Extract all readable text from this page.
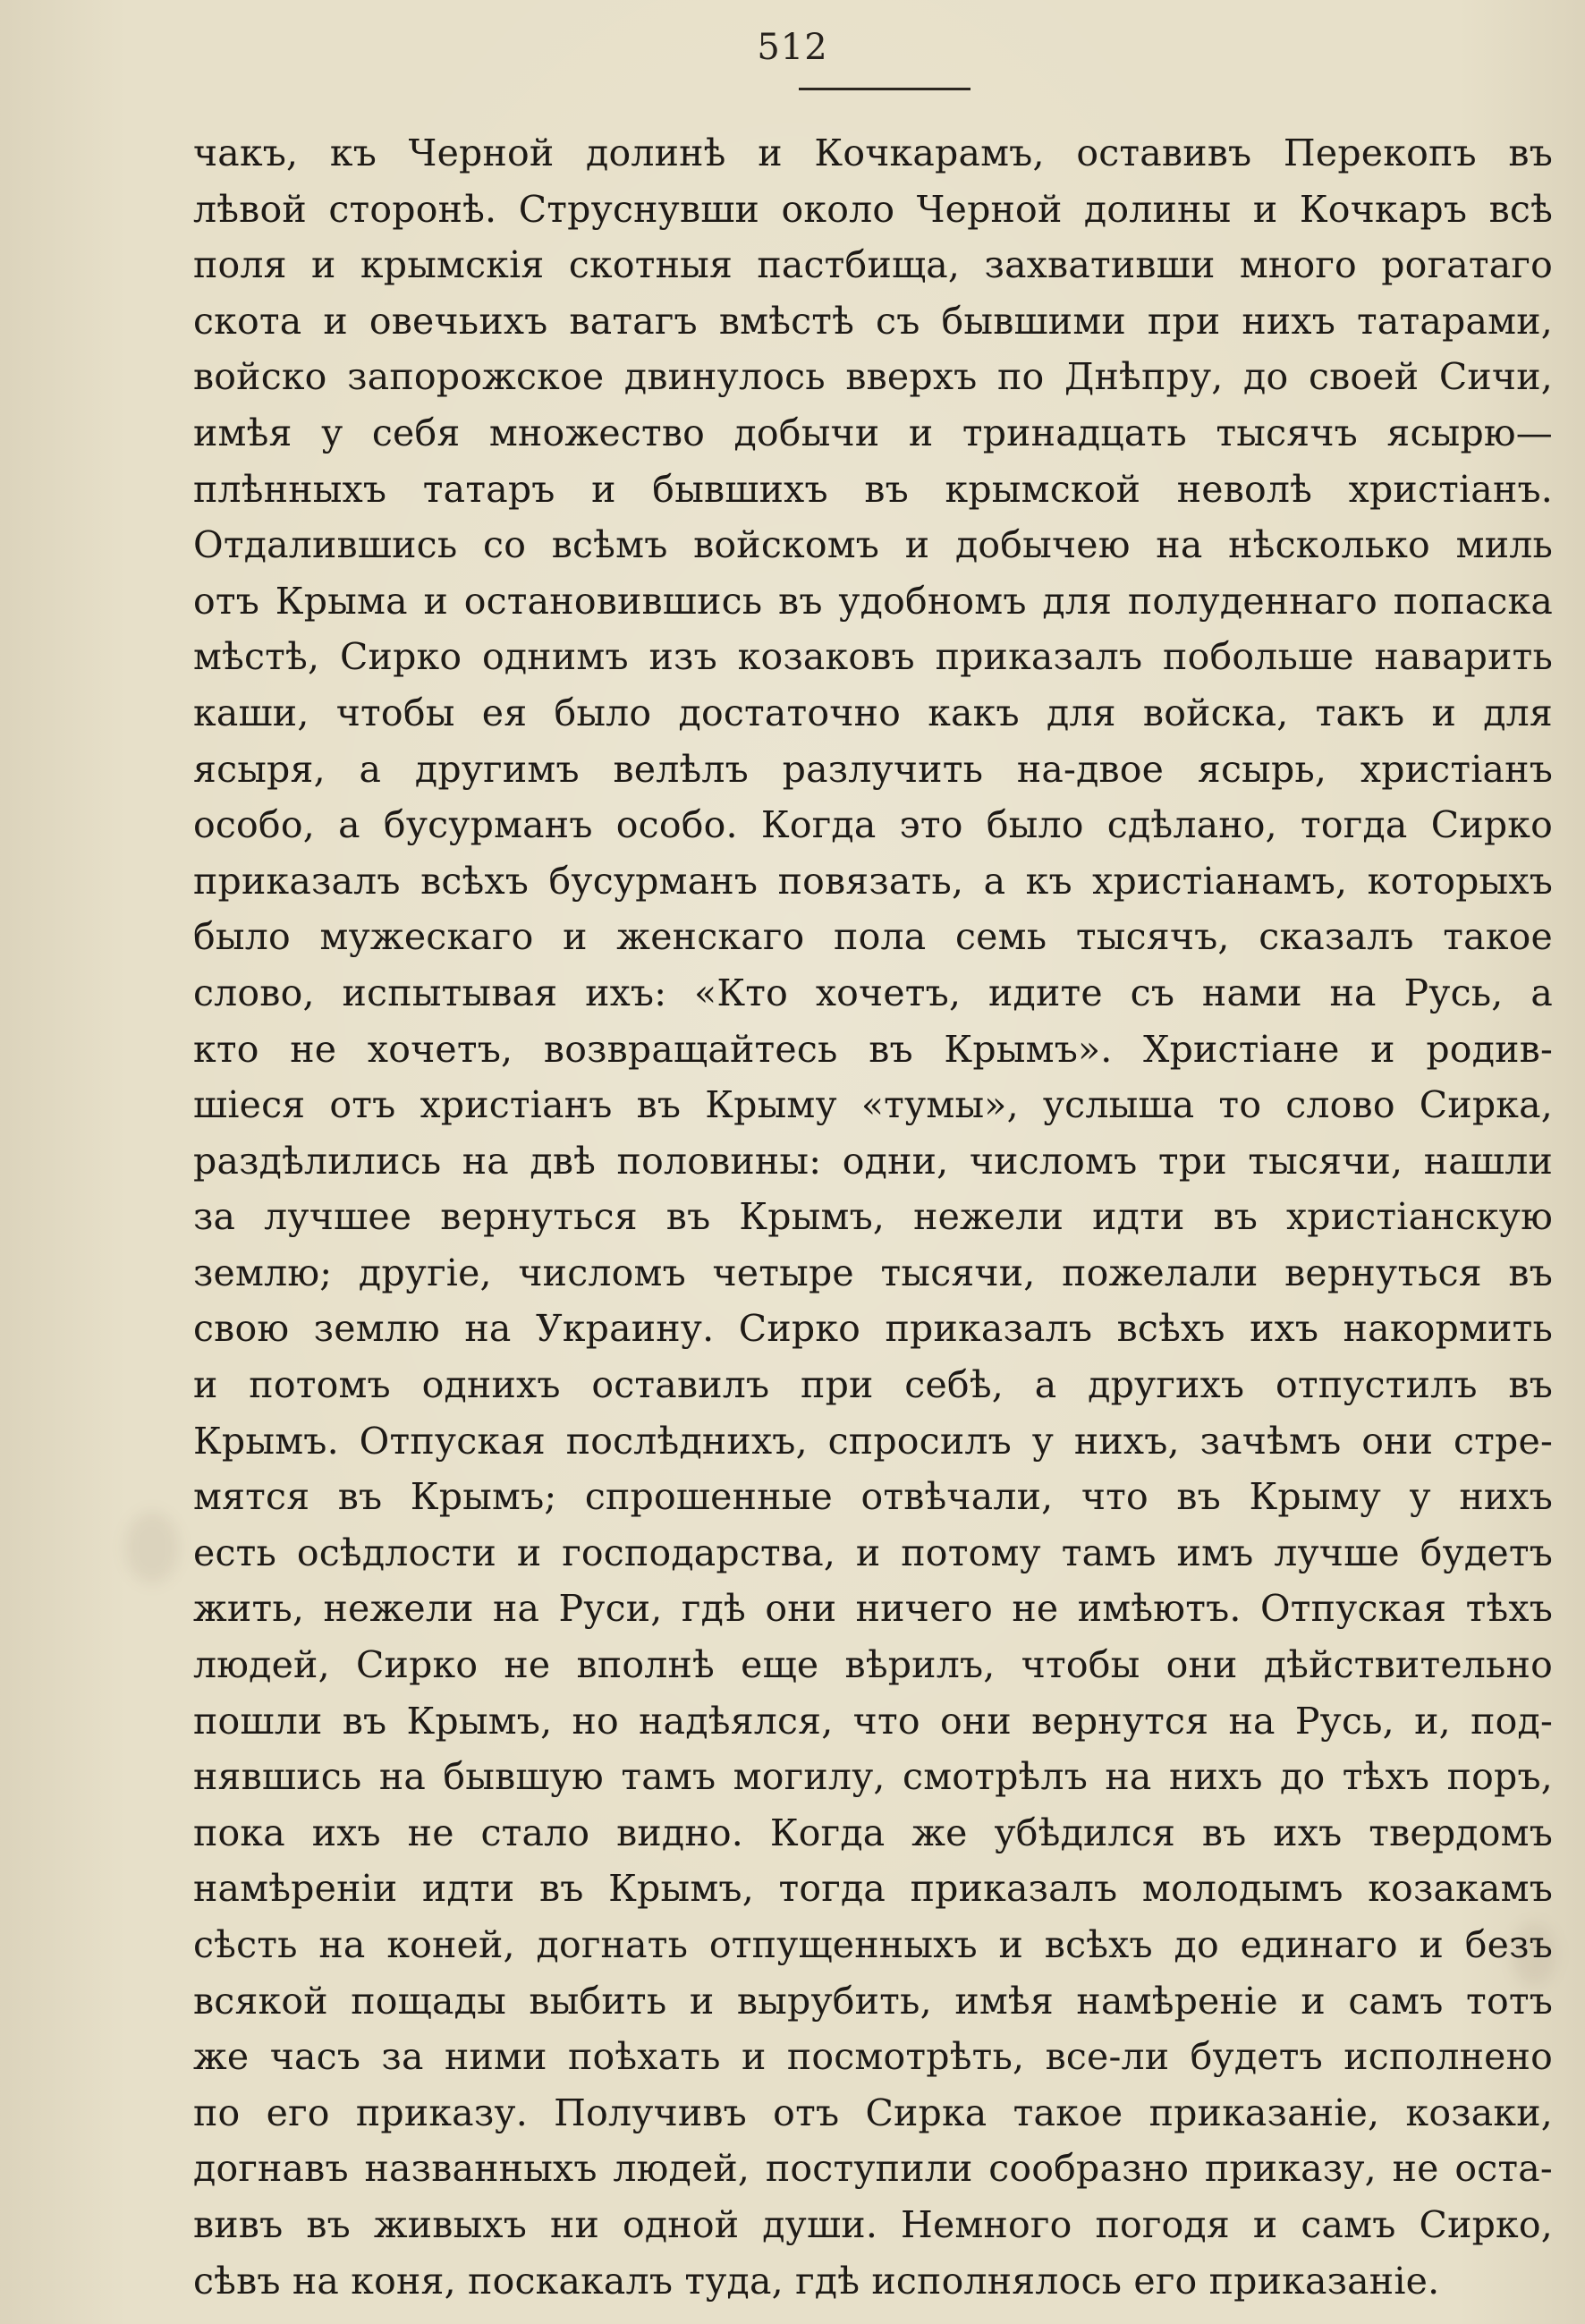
512
чакъ, къ Черной долинѣ и Кочкарамъ, оставивъ Перекопъ въ
лѣвой сторонѣ. Струснувши около Черной долины и Кочкаръ всѣ
поля и крымскія скотныя пастбища, захвативши много рогатаго
скота и овечьихъ ватагъ вмѣстѣ съ бывшими при нихъ татарами,
войско запорожское двинулось вверхъ по Днѣпру, до своей Сичи,
имѣя у себя множество добычи и тринадцать тысячъ ясырю—
плѣнныхъ татаръ и бывшихъ въ крымской неволѣ христіанъ.
Отдалившись со всѣмъ войскомъ и добычею на нѣсколько миль
отъ Крыма и остановившись въ удобномъ для полуденнаго попаска
мѣстѣ, Сирко однимъ изъ козаковъ приказалъ побольше наварить
каши, чтобы ея было достаточно какъ для войска, такъ и для
ясыря, а другимъ велѣлъ разлучить на-двое ясырь, христіанъ
особо, а бусурманъ особо. Когда это было сдѣлано, тогда Сирко
приказалъ всѣхъ бусурманъ повязать, а къ христіанамъ, которыхъ
было мужескаго и женскаго пола семь тысячъ, сказалъ такое
слово, испытывая ихъ: «Кто хочетъ, идите съ нами на Русь, а
кто не хочетъ, возвращайтесь въ Крымъ». Христіане и родив-
шіеся отъ христіанъ въ Крыму «тумы», услыша то слово Сирка,
раздѣлились на двѣ половины: одни, числомъ три тысячи, нашли
за лучшее вернуться въ Крымъ, нежели идти въ христіанскую
землю; другіе, числомъ четыре тысячи, пожелали вернуться въ
свою землю на Украину. Сирко приказалъ всѣхъ ихъ накормить
и потомъ однихъ оставилъ при себѣ, а другихъ отпустилъ въ
Крымъ. Отпуская послѣднихъ, спросилъ у нихъ, зачѣмъ они стре-
мятся въ Крымъ; спрошенные отвѣчали, что въ Крыму у нихъ
есть осѣдлости и господарства, и потому тамъ имъ лучше будетъ
жить, нежели на Руси, гдѣ они ничего не имѣютъ. Отпуская тѣхъ
людей, Сирко не вполнѣ еще вѣрилъ, чтобы они дѣйствительно
пошли въ Крымъ, но надѣялся, что они вернутся на Русь, и, под-
нявшись на бывшую тамъ могилу, смотрѣлъ на нихъ до тѣхъ поръ,
пока ихъ не стало видно. Когда же убѣдился въ ихъ твердомъ
намѣреніи идти въ Крымъ, тогда приказалъ молодымъ козакамъ
сѣсть на коней, догнать отпущенныхъ и всѣхъ до единаго и безъ
всякой пощады выбить и вырубить, имѣя намѣреніе и самъ тотъ
же часъ за ними поѣхать и посмотрѣть, все-ли будетъ исполнено
по его приказу. Получивъ отъ Сирка такое приказаніе, козаки,
догнавъ названныхъ людей, поступили сообразно приказу, не оста-
вивъ въ живыхъ ни одной души. Немного погодя и самъ Сирко,
сѣвъ на коня, поскакалъ туда, гдѣ исполнялось его приказаніе.
